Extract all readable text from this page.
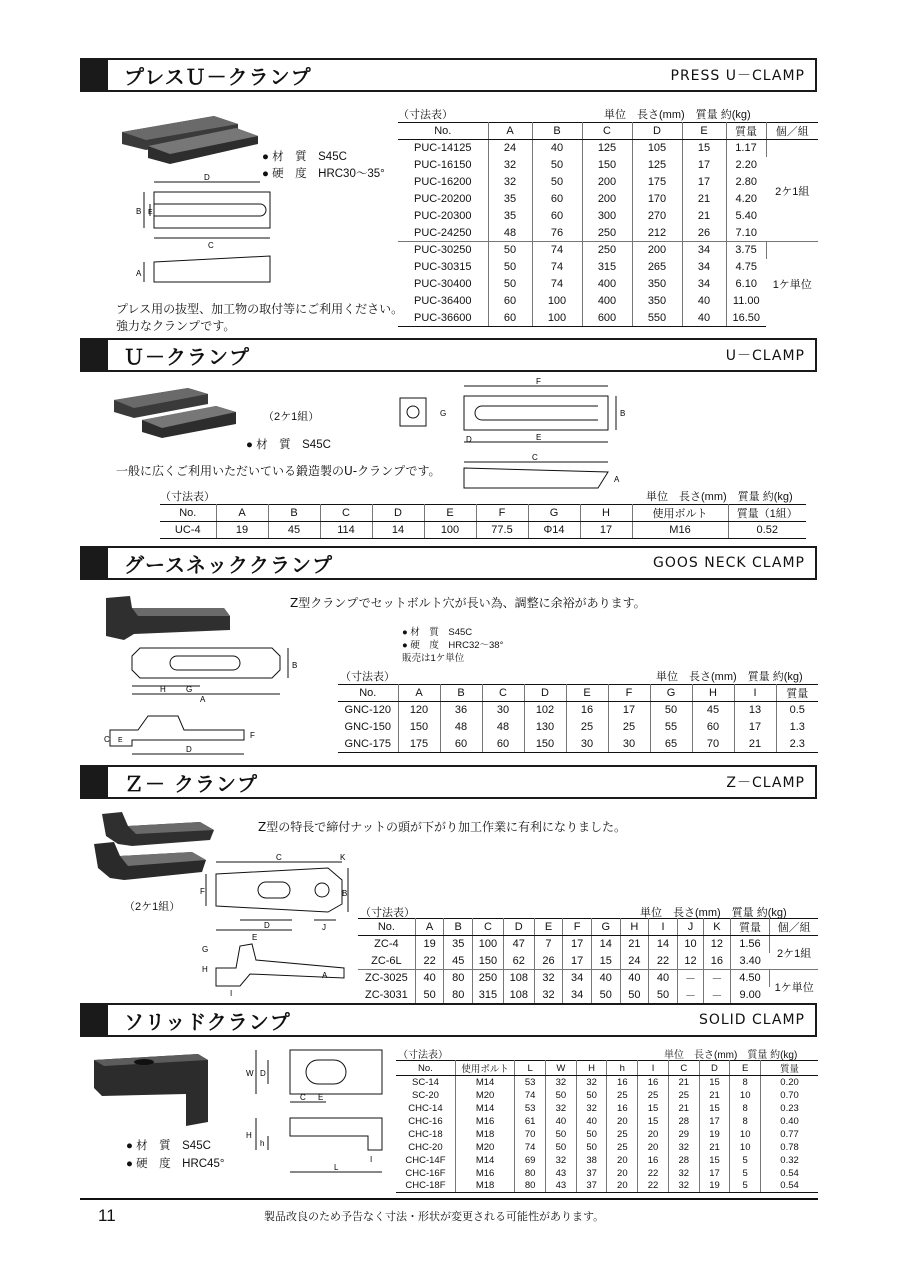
プレスＵ－クランプ	PRESS U－CLAMP
● 材　質　S45C
● 硬　度　HRC30～35°
D
B E
C
A
プレス用の抜型、加工物の取付等にご利用ください。
強力なクランプです。
（寸法表）	単位　長さ(mm)　質量 約(kg)
No.	A	B	C	D	E	質量	個／組
PUC-14125	24	40	125	105	15	1.17	2ケ1組
PUC-16150	32	50	150	125	17	2.20	
PUC-16200	32	50	200	175	17	2.80	
PUC-20200	35	60	200	170	21	4.20	
PUC-20300	35	60	300	270	21	5.40	
PUC-24250	48	76	250	212	26	7.10	
PUC-30250	50	74	250	200	34	3.75	1ケ単位
PUC-30315	50	74	315	265	34	4.75	
PUC-30400	50	74	400	350	34	6.10	
PUC-36400	60	100	400	350	40	11.00	
PUC-36600	60	100	600	550	40	16.50	
Ｕ－クランプ	U－CLAMP
（2ケ1組）
● 材　質　S45C
F
E
B
G
D
C
A
一般に広くご利用いただいている鍛造製のU-クランプです。
（寸法表）	単位　長さ(mm)　質量 約(kg)
No.	A	B	C	D	E	F	G	H	使用ボルト	質量（1組）
UC-4	19	45	114	14	100	77.5	Φ14	17	M16	0.52
グースネッククランプ	GOOS NECK CLAMP
Z型クランプでセットボルト穴が長い為、調整に余裕があります。
● 材　質　S45C
● 硬　度　HRC32～38°
販売は1ケ単位
H
A
G
B
C E
F
D
（寸法表）	単位　長さ(mm)　質量 約(kg)
No.	A	B	C	D	E	F	G	H	I	質量
GNC-120	120	36	30	102	16	17	50	45	13	0.5
GNC-150	150	48	48	130	25	25	55	60	17	1.3
GNC-175	175	60	60	150	30	30	65	70	21	2.3
Ｚ－ クランプ	Z－CLAMP
Z型の特長で締付ナットの頭が下がり加工作業に有利になりました。
（2ケ1組）
C	K
B
F
D
E
J
G
H
I
A
（寸法表）	単位　長さ(mm)　質量 約(kg)
No.	A	B	C	D	E	F	G	H	I	J	K	質量	個／組
ZC-4	19	35	100	47	7	17	14	21	14	10	12	1.56	2ケ1組
ZC-6L	22	45	150	62	26	17	15	24	22	12	16	3.40	
ZC-3025	40	80	250	108	32	34	40	40	40	－	－	4.50	1ケ単位
ZC-3031	50	80	315	108	32	34	50	50	50	－	－	9.00	
ソリッドクランプ	SOLID CLAMP
● 材　質　S45C
● 硬　度　HRC45°
W D
C E
H
h
I
L
（寸法表）	単位　長さ(mm)　質量 約(kg)
No.	使用ボルト	L	W	H	h	I	C	D	E	質量
SC-14	M14	53	32	32	16	16	21	15	8	0.20
SC-20	M20	74	50	50	25	25	25	21	10	0.70
CHC-14	M14	53	32	32	16	15	21	15	8	0.23
CHC-16	M16	61	40	40	20	15	28	17	8	0.40
CHC-18	M18	70	50	50	25	20	29	19	10	0.77
CHC-20	M20	74	50	50	25	20	32	21	10	0.78
CHC-14F	M14	69	32	38	20	16	28	15	5	0.32
CHC-16F	M16	80	43	37	20	22	32	17	5	0.54
CHC-18F	M18	80	43	37	20	22	32	19	5	0.54
11	製品改良のため予告なく寸法・形状が変更される可能性があります。
